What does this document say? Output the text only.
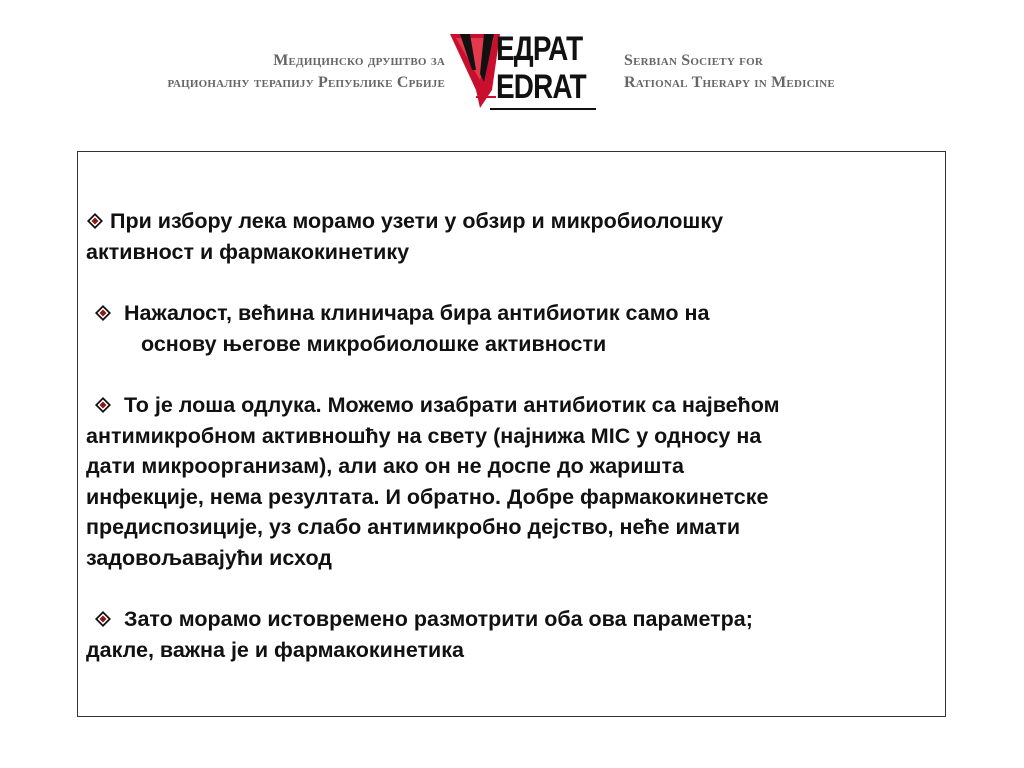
Медицинско друштво за
рационалну терапију Републике Србије
ЕДРАТ
EDRAT
Serbian Society for
Rational Therapy in Medicine
При избору лека морамо узети у обзир и микробиолошку
активност и фармакокинетику
Нажалост, већина клиничара бира антибиотик само на
основу његове микробиолошке активности
То је лоша одлука. Можемо изабрати антибиотик са највећом
антимикробном активношћу на свету (најнижа MIC у односу на
дати микроорганизам), али ако он не доспе до жаришта
инфекције, нема резултата. И обратно. Добре фармакокинетске
предиспозиције, уз слабо антимикробно дејство, неће имати
задовољавајући исход
Зато морамо истовремено размотрити оба ова параметра;
дакле, важна је и фармакокинетика
